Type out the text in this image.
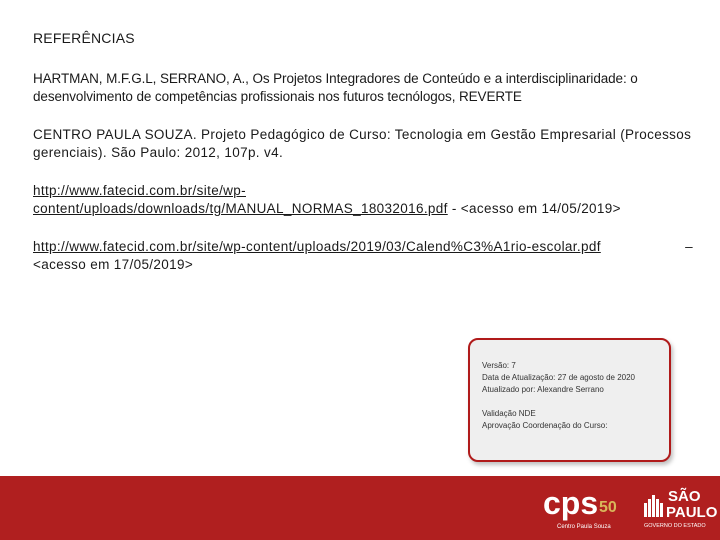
REFERÊNCIAS

HARTMAN, M.F.G.L, SERRANO, A., Os Projetos Integradores de Conteúdo e a interdisciplinaridade: o
desenvolvimento de competências profissionais nos futuros tecnólogos, REVERTE

CENTRO PAULA SOUZA. Projeto Pedagógico de Curso: Tecnologia em Gestão Empresarial (Processos
gerenciais). São Paulo: 2012, 107p. v4.

http://www.fatecid.com.br/site/wp-
content/uploads/downloads/tg/MANUAL_NORMAS_18032016.pdf - <acesso em 14/05/2019>

http://www.fatecid.com.br/site/wp-content/uploads/2019/03/Calend%C3%A1rio-escolar.pdf	–

<acesso em 17/05/2019>

Versão: 7
Data de Atualização: 27 de agosto de 2020
Atualizado por: Alexandre Serrano
Validação NDE
Aprovação Coordenação do Curso:
cps 50
Centro Paula Souza
SÃO
PAULO
GOVERNO DO ESTADO
